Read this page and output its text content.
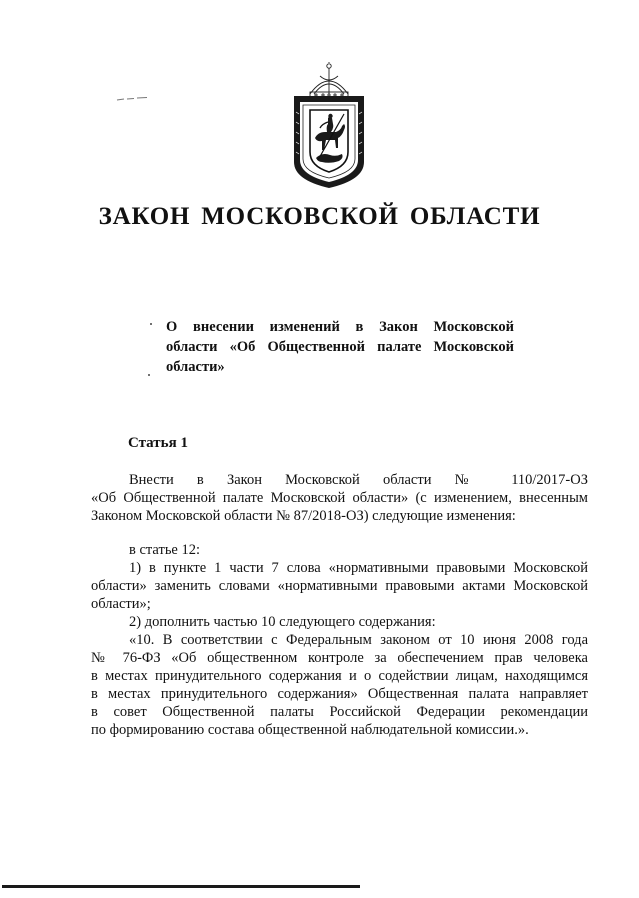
ЗАКОН МОСКОВСКОЙ ОБЛАСТИ
О внесении изменений в Закон Московской
области «Об Общественной палате Московской
области»
Статья 1
Внести в Закон Московской области № 110/2017-ОЗ
«Об Общественной палате Московской области» (с изменением, внесенным
Законом Московской области № 87/2018-ОЗ) следующие изменения:
в статье 12:
1) в пункте 1 части 7 слова «нормативными правовыми Московской
области» заменить словами «нормативными правовыми актами Московской
области»;
2) дополнить частью 10 следующего содержания:
«10. В соответствии с Федеральным законом от 10 июня 2008 года
№ 76-ФЗ «Об общественном контроле за обеспечением прав человека
в местах принудительного содержания и о содействии лицам, находящимся
в местах принудительного содержания» Общественная палата направляет
в совет Общественной палаты Российской Федерации рекомендации
по формированию состава общественной наблюдательной комиссии.».
